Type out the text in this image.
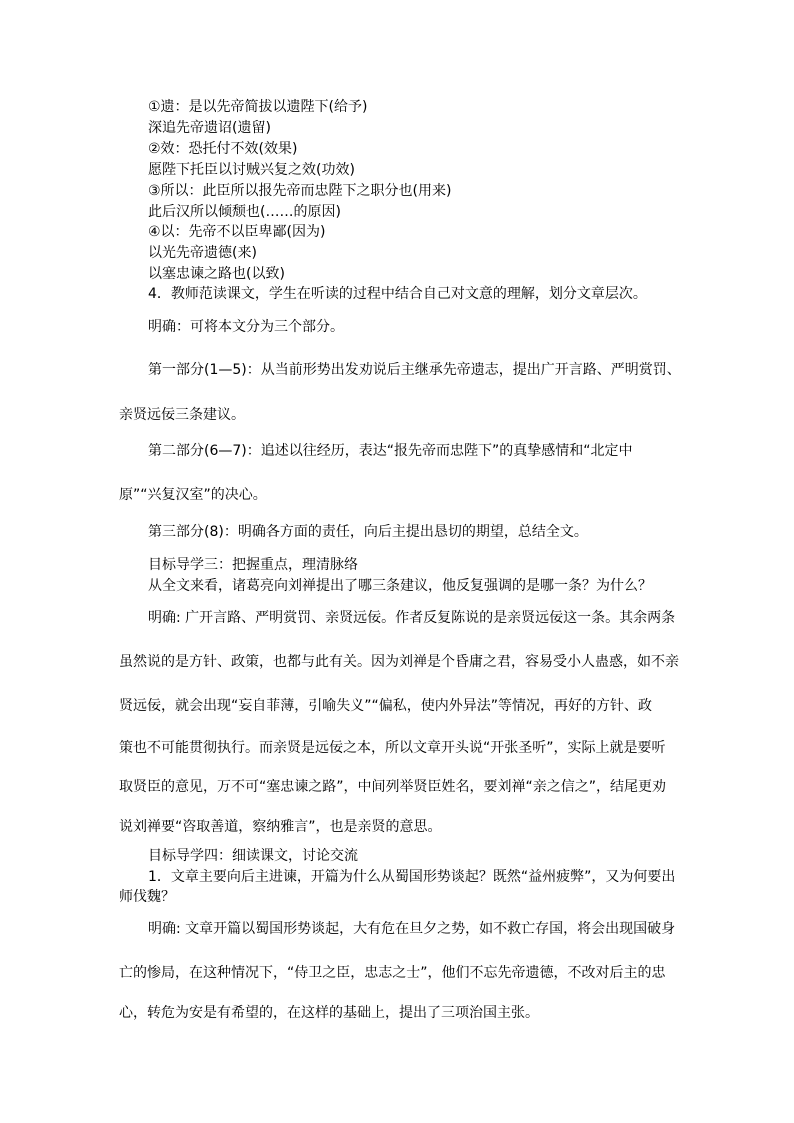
①遗：是以先帝简拔以遗陛下(给予)
深追先帝遗诏(遗留)
②效：恐托付不效(效果)
愿陛下托臣以讨贼兴复之效(功效)
③所以：此臣所以报先帝而忠陛下之职分也(用来)
此后汉所以倾颓也(……的原因)
④以：先帝不以臣卑鄙(因为)
以光先帝遗德(来)
以塞忠谏之路也(以致)
4．教师范读课文，学生在听读的过程中结合自己对文意的理解，划分文章层次。
明确：可将本文分为三个部分。
第一部分(1—5)：从当前形势出发劝说后主继承先帝遗志，提出广开言路、严明赏罚、
亲贤远佞三条建议。
第二部分(6—7)：追述以往经历，表达“报先帝而忠陛下”的真挚感情和“北定中
原”“兴复汉室”的决心。
第三部分(8)：明确各方面的责任，向后主提出恳切的期望，总结全文。
目标导学三：把握重点，理清脉络
从全文来看，诸葛亮向刘禅提出了哪三条建议，他反复强调的是哪一条？为什么？
明确: 广开言路、严明赏罚、亲贤远佞。作者反复陈说的是亲贤远佞这一条。其余两条
虽然说的是方针、政策，也都与此有关。因为刘禅是个昏庸之君，容易受小人蛊惑，如不亲
贤远佞，就会出现“妄自菲薄，引喻失义”“偏私，使内外异法”等情况，再好的方针、政
策也不可能贯彻执行。而亲贤是远佞之本，所以文章开头说“开张圣听”，实际上就是要听
取贤臣的意见，万不可“塞忠谏之路”，中间列举贤臣姓名，要刘禅“亲之信之”，结尾更劝
说刘禅要“咨取善道，察纳雅言”，也是亲贤的意思。
目标导学四：细读课文，讨论交流
1．文章主要向后主进谏，开篇为什么从蜀国形势谈起？既然“益州疲弊”，又为何要出
师伐魏？
明确: 文章开篇以蜀国形势谈起，大有危在旦夕之势，如不救亡存国，将会出现国破身
亡的惨局，在这种情况下，“侍卫之臣，忠志之士”，他们不忘先帝遗德，不改对后主的忠
心，转危为安是有希望的，在这样的基础上，提出了三项治国主张。
